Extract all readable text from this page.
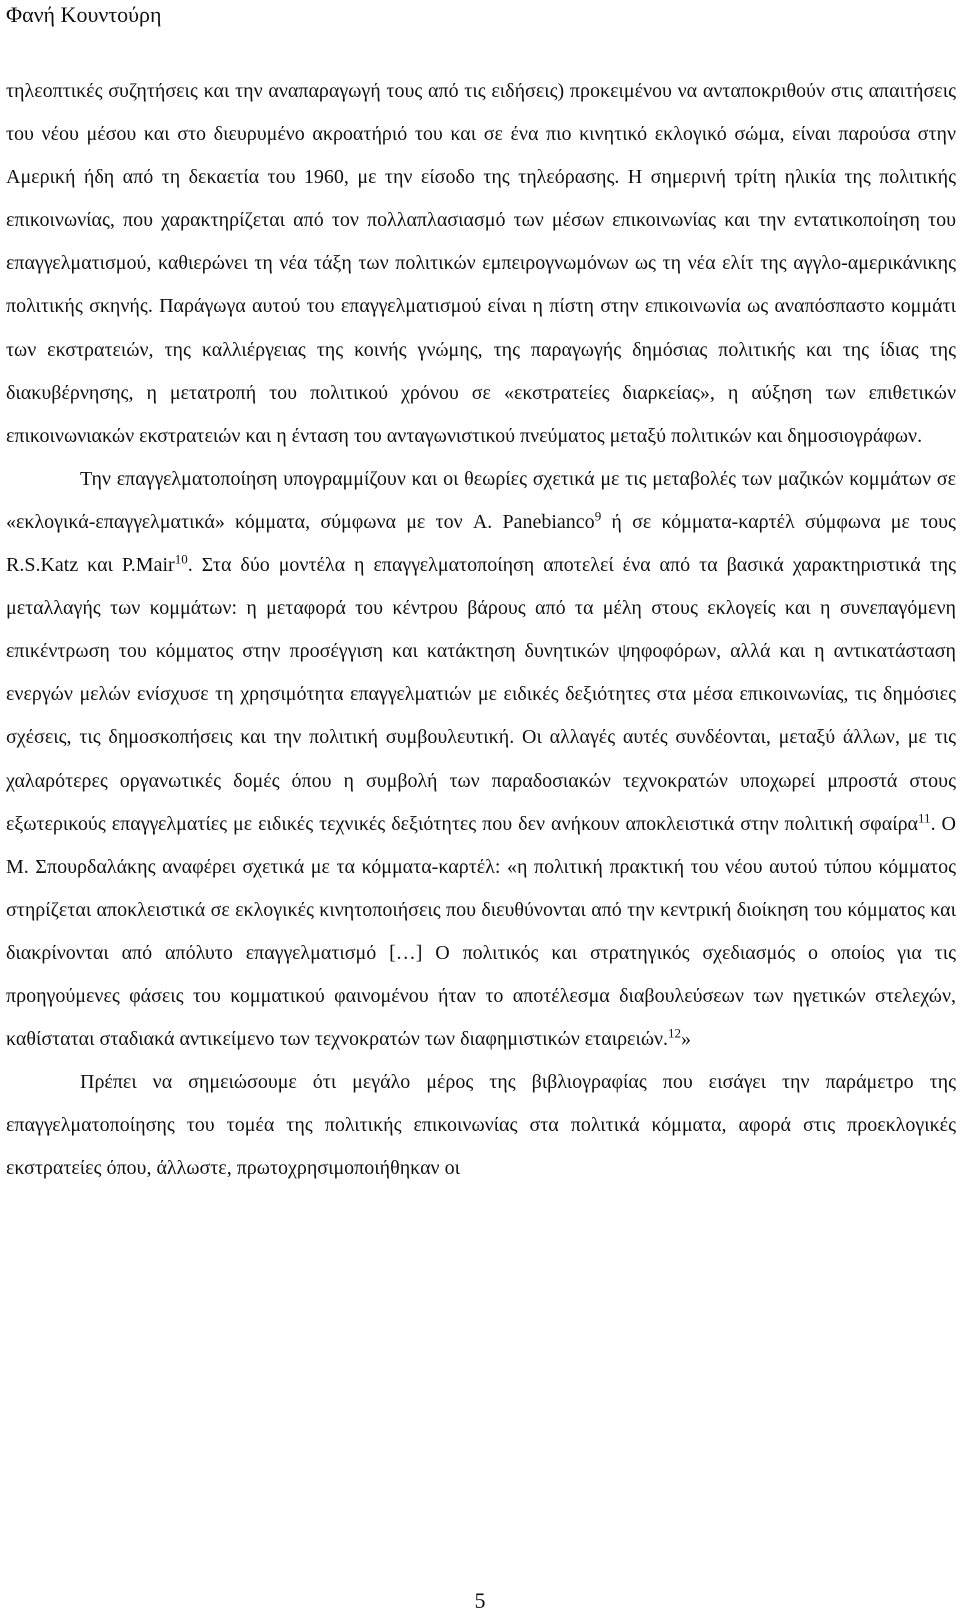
Φανή Κουντούρη

τηλεοπτικές συζητήσεις και την αναπαραγωγή τους από τις ειδήσεις) προκειμένου να ανταποκριθούν στις απαιτήσεις του νέου μέσου και στο διευρυμένο ακροατήριό του και σε ένα πιο κινητικό εκλογικό σώμα, είναι παρούσα στην Αμερική ήδη από τη δεκαετία του 1960, με την είσοδο της τηλεόρασης. Η σημερινή τρίτη ηλικία της πολιτικής επικοινωνίας, που χαρακτηρίζεται από τον πολλαπλασιασμό των μέσων επικοινωνίας και την εντατικοποίηση του επαγγελματισμού, καθιερώνει τη νέα τάξη των πολιτικών εμπειρογνωμόνων ως τη νέα ελίτ της αγγλο-αμερικάνικης πολιτικής σκηνής. Παράγωγα αυτού του επαγγελματισμού είναι η πίστη στην επικοινωνία ως αναπόσπαστο κομμάτι των εκστρατειών, της καλλιέργειας της κοινής γνώμης, της παραγωγής δημόσιας πολιτικής και της ίδιας της διακυβέρνησης, η μετατροπή του πολιτικού χρόνου σε «εκστρατείες διαρκείας», η αύξηση των επιθετικών επικοινωνιακών εκστρατειών και η ένταση του ανταγωνιστικού πνεύματος μεταξύ πολιτικών και δημοσιογράφων.

Την επαγγελματοποίηση υπογραμμίζουν και οι θεωρίες σχετικά με τις μεταβολές των μαζικών κομμάτων σε «εκλογικά-επαγγελματικά» κόμματα, σύμφωνα με τον A. Panebianco$^9$ ή σε κόμματα-καρτέλ σύμφωνα με τους R.S.Katz και P.Mair$^{10}$. Στα δύο μοντέλα η επαγγελματοποίηση αποτελεί ένα από τα βασικά χαρακτηριστικά της μεταλλαγής των κομμάτων: η μεταφορά του κέντρου βάρους από τα μέλη στους εκλογείς και η συνεπαγόμενη επικέντρωση του κόμματος στην προσέγγιση και κατάκτηση δυνητικών ψηφοφόρων, αλλά και η αντικατάσταση ενεργών μελών ενίσχυσε τη χρησιμότητα επαγγελματιών με ειδικές δεξιότητες στα μέσα επικοινωνίας, τις δημόσιες σχέσεις, τις δημοσκοπήσεις και την πολιτική συμβουλευτική. Οι αλλαγές αυτές συνδέονται, μεταξύ άλλων, με τις χαλαρότερες οργανωτικές δομές όπου η συμβολή των παραδοσιακών τεχνοκρατών υποχωρεί μπροστά στους εξωτερικούς επαγγελματίες με ειδικές τεχνικές δεξιότητες που δεν ανήκουν αποκλειστικά στην πολιτική σφαίρα$^{11}$. Ο Μ. Σπουρδαλάκης αναφέρει σχετικά με τα κόμματα-καρτέλ: «η πολιτική πρακτική του νέου αυτού τύπου κόμματος στηρίζεται αποκλειστικά σε εκλογικές κινητοποιήσεις που διευθύνονται από την κεντρική διοίκηση του κόμματος και διακρίνονται από απόλυτο επαγγελματισμό […] Ο πολιτικός και στρατηγικός σχεδιασμός ο οποίος για τις προηγούμενες φάσεις του κομματικού φαινομένου ήταν το αποτέλεσμα διαβουλεύσεων των ηγετικών στελεχών, καθίσταται σταδιακά αντικείμενο των τεχνοκρατών των διαφημιστικών εταιρειών.$^{12}$»

Πρέπει να σημειώσουμε ότι μεγάλο μέρος της βιβλιογραφίας που εισάγει την παράμετρο της επαγγελματοποίησης του τομέα της πολιτικής επικοινωνίας στα πολιτικά κόμματα, αφορά στις προεκλογικές εκστρατείες όπου, άλλωστε, πρωτοχρησιμοποιήθηκαν οι

5
